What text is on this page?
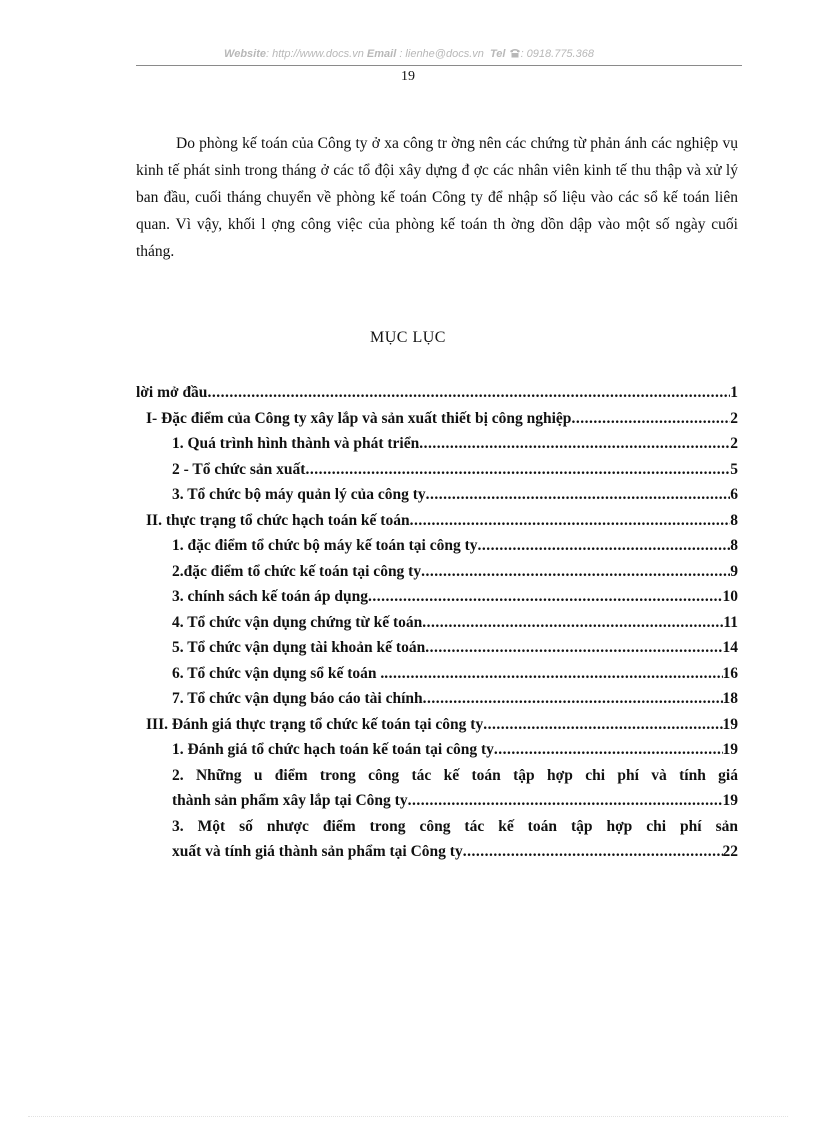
Website: http://www.docs.vn Email : lienhe@docs.vn Tel : 0918.775.368
19
Do phòng kế toán của Công ty ở xa công tr ờng nên các chứng từ phản ánh các nghiệp vụ kinh tế phát sinh trong tháng ở các tổ đội xây dựng đ ợc các nhân viên kinh tế thu thập và xử lý ban đầu, cuối tháng chuyển về phòng kế toán Công ty để nhập số liệu vào các sổ kế toán liên quan. Vì vậy, khối l ợng công việc của phòng kế toán th ờng dồn dập vào một số ngày cuối tháng.
MỤC LỤC
lời mở đầu .....	1
I- Đặc điểm của Công ty xây lắp và sản xuất thiết bị công nghiệp .....	2
1. Quá trình hình thành và phát triển .....	2
2 - Tổ chức sản xuất .....	5
3. Tổ chức bộ máy quản lý của công ty .....	6
II. thực trạng tổ chức hạch toán kế toán .....	8
1. đặc điểm tổ chức bộ máy kế toán tại công ty .....	8
2.đặc điểm tổ chức kế toán tại công ty .....	9
3. chính sách kế toán áp dụng .....	10
4. Tổ chức vận dụng chứng từ kế toán .....	11
5. Tổ chức vận dụng tài khoản kế toán .....	14
6. Tổ chức vận dụng sổ kế toán . .....	16
7. Tổ chức vận dụng báo cáo tài chính .....	18
III. Đánh giá thực trạng tổ chức kế toán tại công ty .....	19
1. Đánh giá tổ chức hạch toán kế toán tại công ty .....	19
2. Những u điểm trong công tác kế toán tập hợp chi phí và tính giá
thành sản phẩm xây lắp tại Công ty .....	19
3. Một số nhược điểm trong công tác kế toán tập hợp chi phí sản
xuất và tính giá thành sản phẩm tại Công ty .....	22
